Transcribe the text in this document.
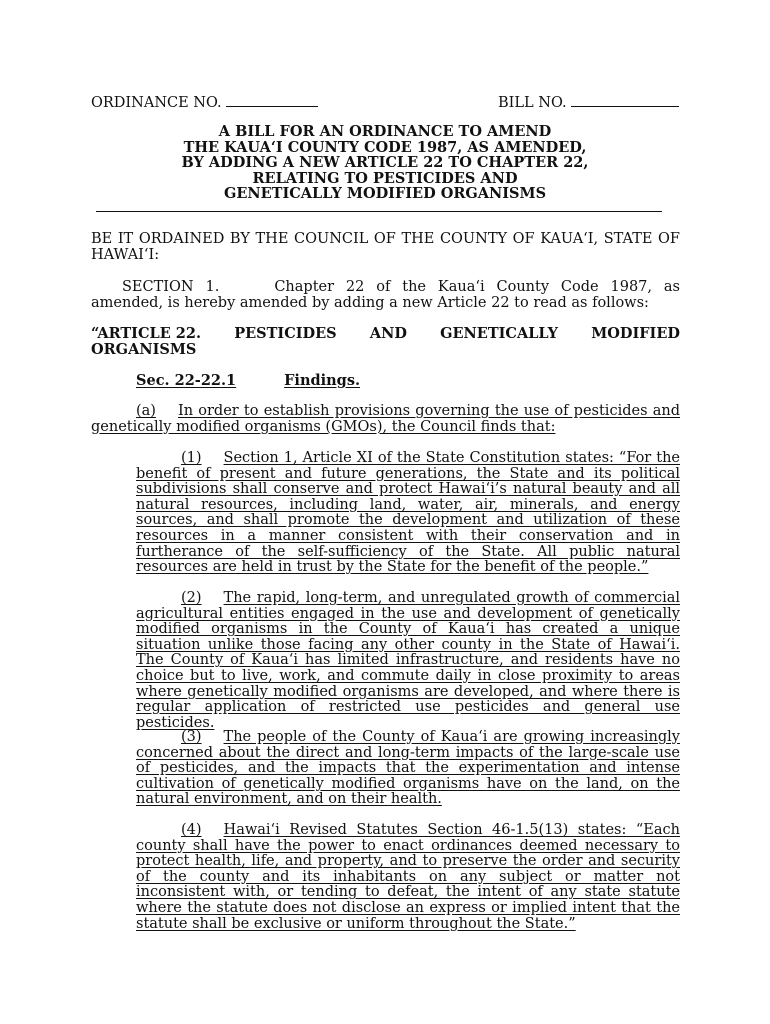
ORDINANCE NO.	BILL NO.
A BILL FOR AN ORDINANCE TO AMEND
THE KAUA‘I COUNTY CODE 1987, AS AMENDED,
BY ADDING A NEW ARTICLE 22 TO CHAPTER 22,
RELATING TO PESTICIDES AND
GENETICALLY MODIFIED ORGANISMS
BE IT ORDAINED BY THE COUNCIL OF THE COUNTY OF KAUA‘I, STATE OF HAWAI‘I:
SECTION 1.	Chapter 22 of the Kaua‘i County Code 1987, as amended, is hereby amended by adding a new Article 22 to read as follows:
“ARTICLE 22. PESTICIDES AND GENETICALLY MODIFIED
ORGANISMS
Sec. 22-22.1	Findings.
(a) In order to establish provisions governing the use of pesticides and genetically modified organisms (GMOs), the Council finds that:
(1) Section 1, Article XI of the State Constitution states: “For the benefit of present and future generations, the State and its political subdivisions shall conserve and protect Hawai‘i’s natural beauty and all natural resources, including land, water, air, minerals, and energy sources, and shall promote the development and utilization of these resources in a manner consistent with their conservation and in furtherance of the self-sufficiency of the State. All public natural resources are held in trust by the State for the benefit of the people.”
(2) The rapid, long-term, and unregulated growth of commercial agricultural entities engaged in the use and development of genetically modified organisms in the County of Kaua‘i has created a unique situation unlike those facing any other county in the State of Hawai‘i. The County of Kaua‘i has limited infrastructure, and residents have no choice but to live, work, and commute daily in close proximity to areas where genetically modified organisms are developed, and where there is regular application of restricted use pesticides and general use pesticides.
(3) The people of the County of Kaua‘i are growing increasingly concerned about the direct and long-term impacts of the large-scale use of pesticides, and the impacts that the experimentation and intense cultivation of genetically modified organisms have on the land, on the natural environment, and on their health.
(4) Hawai‘i Revised Statutes Section 46-1.5(13) states: “Each county shall have the power to enact ordinances deemed necessary to protect health, life, and property, and to preserve the order and security of the county and its inhabitants on any subject or matter not inconsistent with, or tending to defeat, the intent of any state statute where the statute does not disclose an express or implied intent that the statute shall be exclusive or uniform throughout the State.”
